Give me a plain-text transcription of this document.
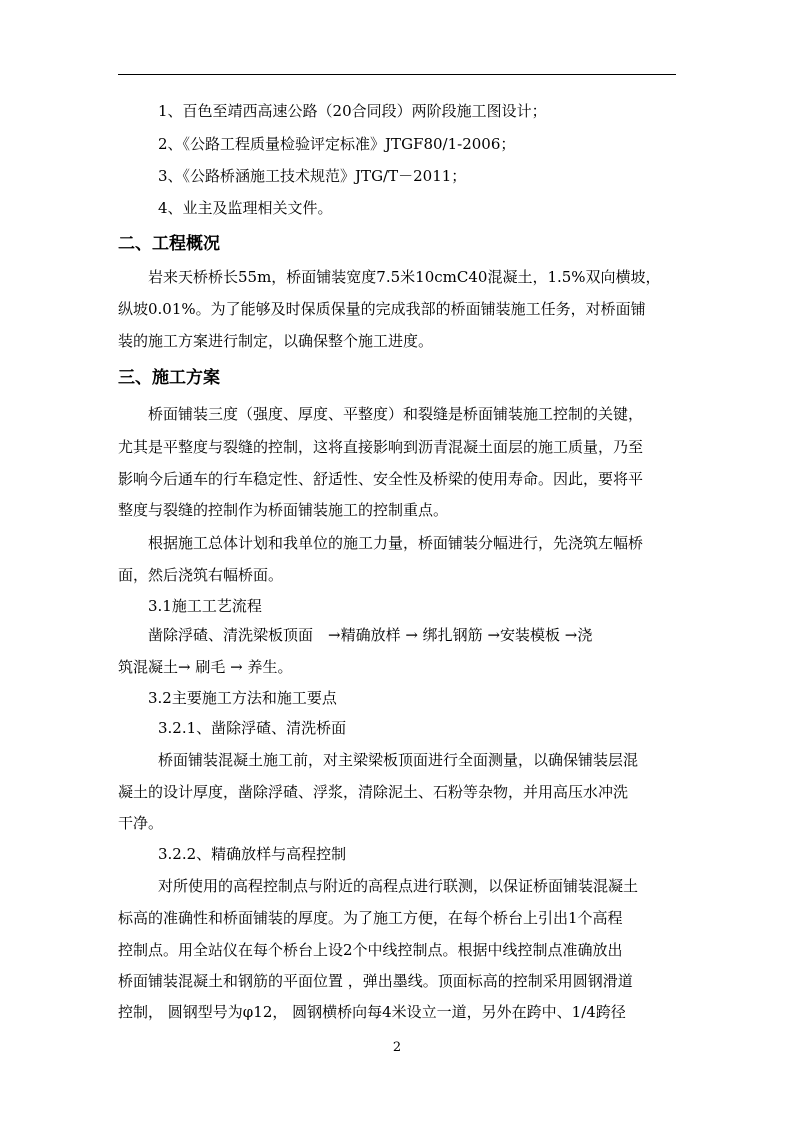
1、百色至靖西高速公路（20合同段）两阶段施工图设计；
2、《公路工程质量检验评定标准》JTGF80/1-2006；
3、《公路桥涵施工技术规范》JTG/T－2011；
4、业主及监理相关文件。
二、工程概况
岩来天桥桥长55m，桥面铺装宽度7.5米10cmC40混凝土，1.5%双向横坡，
纵坡0.01%。为了能够及时保质保量的完成我部的桥面铺装施工任务，对桥面铺
装的施工方案进行制定，以确保整个施工进度。
三、施工方案
桥面铺装三度（强度、厚度、平整度）和裂缝是桥面铺装施工控制的关键，
尤其是平整度与裂缝的控制，这将直接影响到沥青混凝土面层的施工质量，乃至
影响今后通车的行车稳定性、舒适性、安全性及桥梁的使用寿命。因此，要将平
整度与裂缝的控制作为桥面铺装施工的控制重点。
根据施工总体计划和我单位的施工力量，桥面铺装分幅进行，先浇筑左幅桥
面，然后浇筑右幅桥面。
3.1施工工艺流程
凿除浮碴、清洗梁板顶面　→精确放样 → 绑扎钢筋 →安装模板 →浇
筑混凝土→ 刷毛 → 养生。
3.2主要施工方法和施工要点
3.2.1、凿除浮碴、清洗桥面
桥面铺装混凝土施工前，对主梁梁板顶面进行全面测量，以确保铺装层混
凝土的设计厚度，凿除浮碴、浮浆，清除泥土、石粉等杂物，并用高压水冲洗
干净。
3.2.2、精确放样与高程控制
对所使用的高程控制点与附近的高程点进行联测，以保证桥面铺装混凝土
标高的准确性和桥面铺装的厚度。为了施工方便，在每个桥台上引出1个高程
控制点。用全站仪在每个桥台上设2个中线控制点。根据中线控制点准确放出
桥面铺装混凝土和钢筋的平面位置 ，弹出墨线。顶面标高的控制采用圆钢滑道
控制， 圆钢型号为φ12， 圆钢横桥向每4米设立一道，另外在跨中、1/4跨径
2
